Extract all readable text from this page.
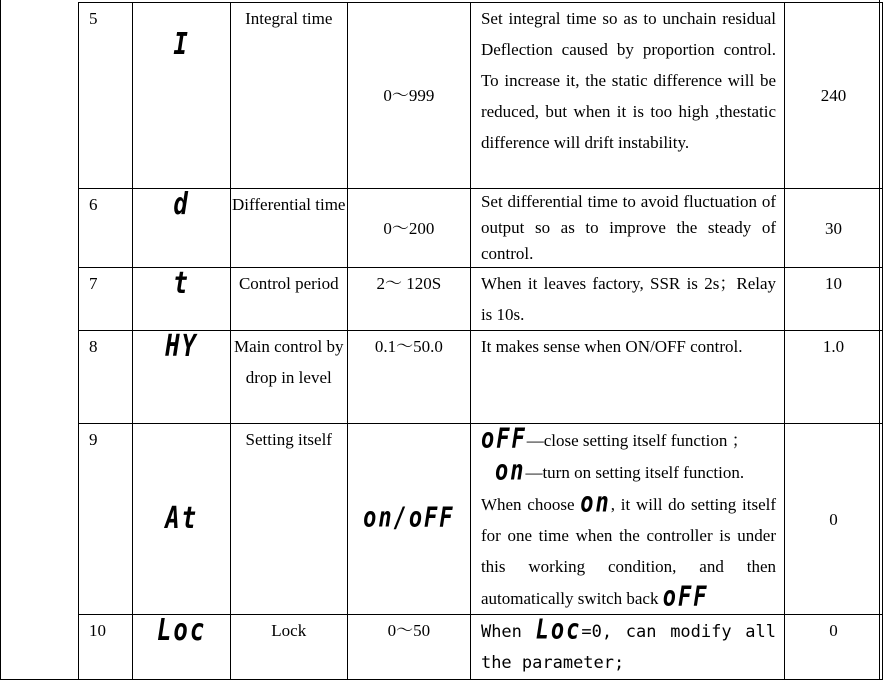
5	I	Integral time	0～999	Set integral time so as to unchain residual Deflection caused by proportion control. To increase it, the static difference will be reduced, but when it is too high ,thestatic difference will drift instability.	240
6	d	Differential time	0～200	Set differential time to avoid fluctuation of output so as to improve the steady of control.	30
7	t	Control period	2～ 120S	When it leaves factory, SSR is 2s；Relay is 10s.	10
8	HY	Main control by drop in level	0.1～50.0	It makes sense when ON/OFF control.	1.0
9	At	Setting itself	on/oFF	oFF—close setting itself function ；
on—turn on setting itself function.
When choose on, it will do setting itself for one time when the controller is under this working condition, and then automatically switch back oFF	0
10	Loc	Lock	0～50	When Loc=0, can modify all the parameter;	0
